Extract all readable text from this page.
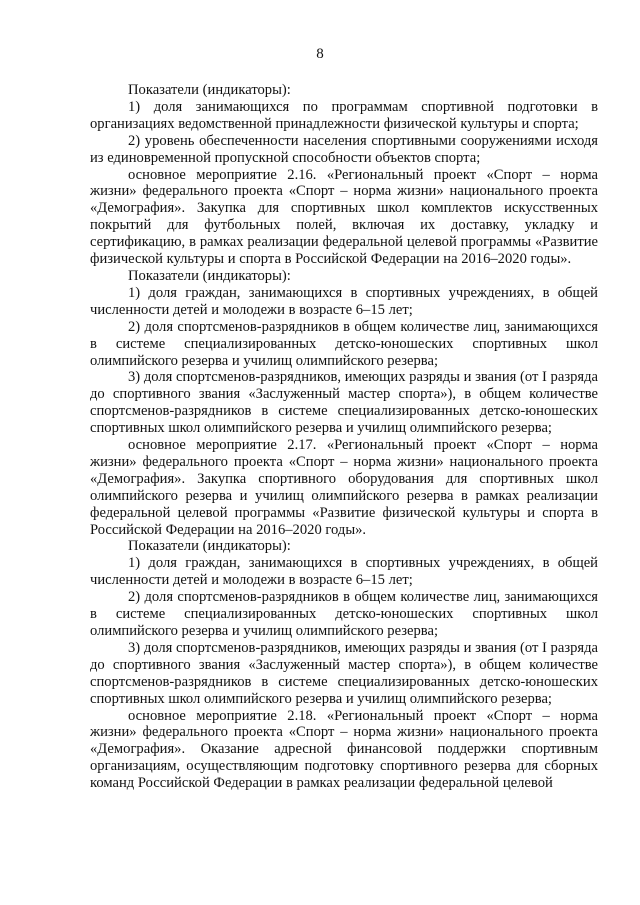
8

Показатели (индикаторы):

1) доля занимающихся по программам спортивной подготовки в организациях ведомственной принадлежности физической культуры и спорта;

2) уровень обеспеченности населения спортивными сооружениями исходя из единовременной пропускной способности объектов спорта;

основное мероприятие 2.16. «Региональный проект «Спорт – норма жизни» федерального проекта «Спорт – норма жизни» национального проекта «Демография». Закупка для спортивных школ комплектов искусственных покрытий для футбольных полей, включая их доставку, укладку и сертификацию, в рамках реализации федеральной целевой программы «Развитие физической культуры и спорта в Российской Федерации на 2016–2020 годы».

Показатели (индикаторы):

1) доля граждан, занимающихся в спортивных учреждениях, в общей численности детей и молодежи в возрасте 6–15 лет;

2) доля спортсменов-разрядников в общем количестве лиц, занимающихся в системе специализированных детско-юношеских спортивных школ олимпийского резерва и училищ олимпийского резерва;

3) доля спортсменов-разрядников, имеющих разряды и звания (от I разряда до спортивного звания «Заслуженный мастер спорта»), в общем количестве спортсменов-разрядников в системе специализированных детско-юношеских спортивных школ олимпийского резерва и училищ олимпийского резерва;

основное мероприятие 2.17. «Региональный проект «Спорт – норма жизни» федерального проекта «Спорт – норма жизни» национального проекта «Демография». Закупка спортивного оборудования для спортивных школ олимпийского резерва и училищ олимпийского резерва в рамках реализации федеральной целевой программы «Развитие физической культуры и спорта в Российской Федерации на 2016–2020 годы».

Показатели (индикаторы):

1) доля граждан, занимающихся в спортивных учреждениях, в общей численности детей и молодежи в возрасте 6–15 лет;

2) доля спортсменов-разрядников в общем количестве лиц, занимающихся в системе специализированных детско-юношеских спортивных школ олимпийского резерва и училищ олимпийского резерва;

3) доля спортсменов-разрядников, имеющих разряды и звания (от I разряда до спортивного звания «Заслуженный мастер спорта»), в общем количестве спортсменов-разрядников в системе специализированных детско-юношеских спортивных школ олимпийского резерва и училищ олимпийского резерва;

основное мероприятие 2.18. «Региональный проект «Спорт – норма жизни» федерального проекта «Спорт – норма жизни» национального проекта «Демография». Оказание адресной финансовой поддержки спортивным организациям, осуществляющим подготовку спортивного резерва для сборных команд Российской Федерации в рамках реализации федеральной целевой
